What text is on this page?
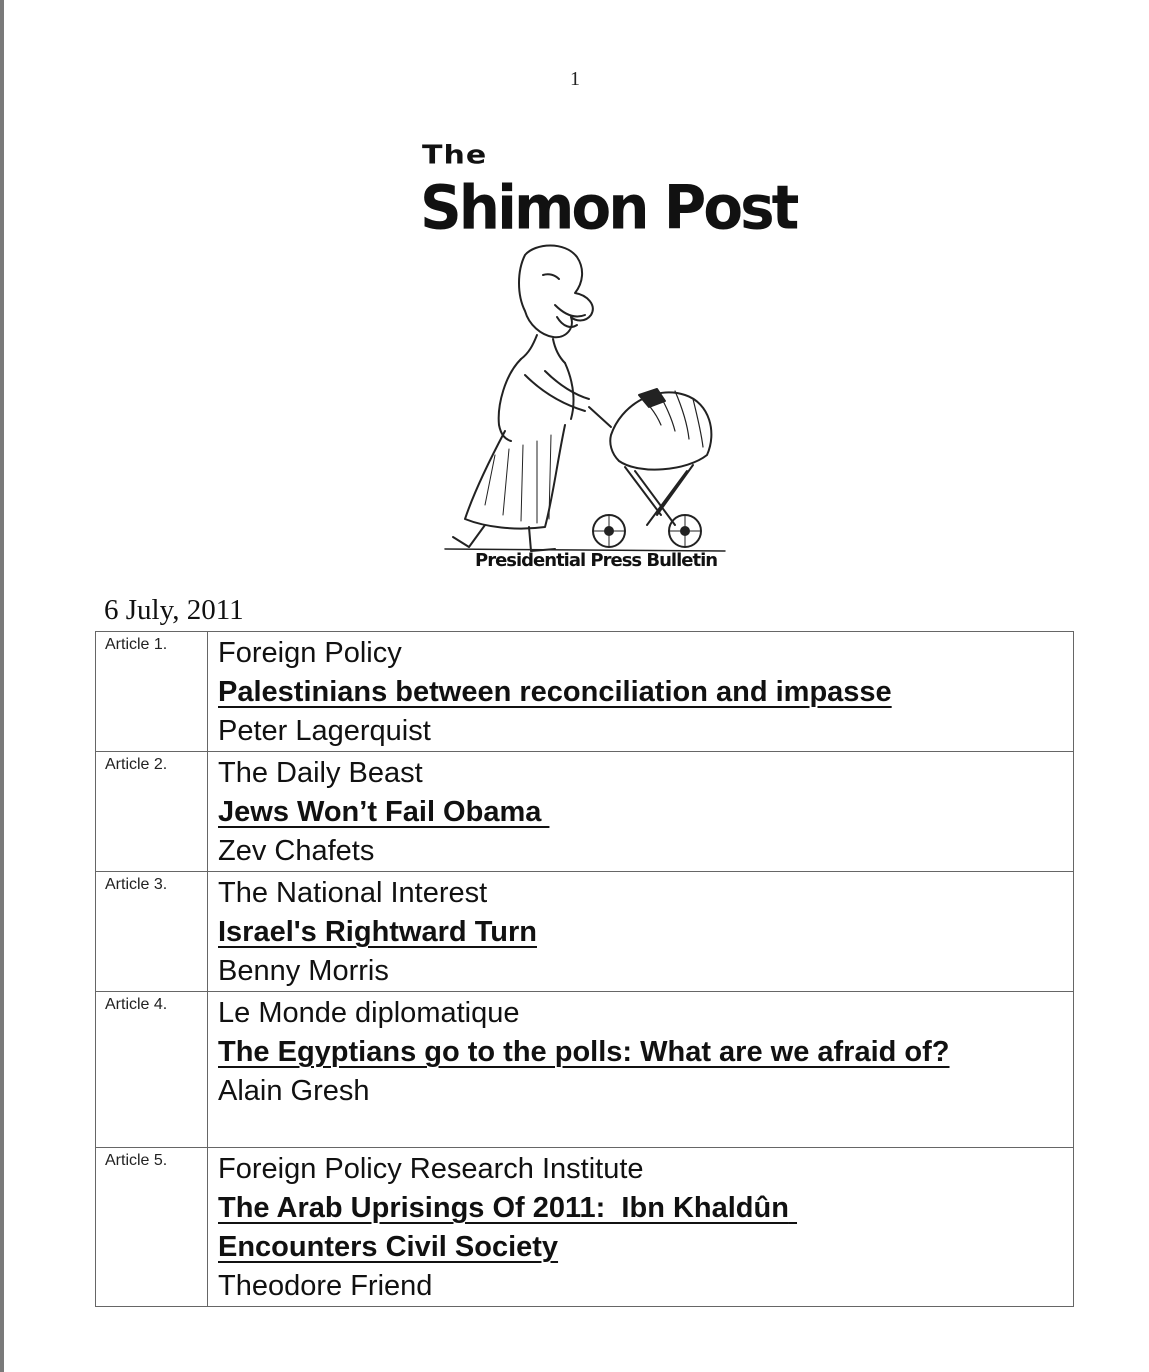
1
The
Shimon Post
Presidential Press Bulletin
6 July, 2011
Article 1.	Foreign Policy
Palestinians between reconciliation and impasse
Peter Lagerquist

Article 2.	The Daily Beast
Jews Won’t Fail Obama
Zev Chafets

Article 3.	The National Interest
Israel's Rightward Turn
Benny Morris

Article 4.	Le Monde diplomatique
The Egyptians go to the polls: What are we afraid of?
Alain Gresh

Article 5.	Foreign Policy Research Institute
The Arab Uprisings Of 2011:  Ibn Khaldûn Encounters Civil Society
Theodore Friend
